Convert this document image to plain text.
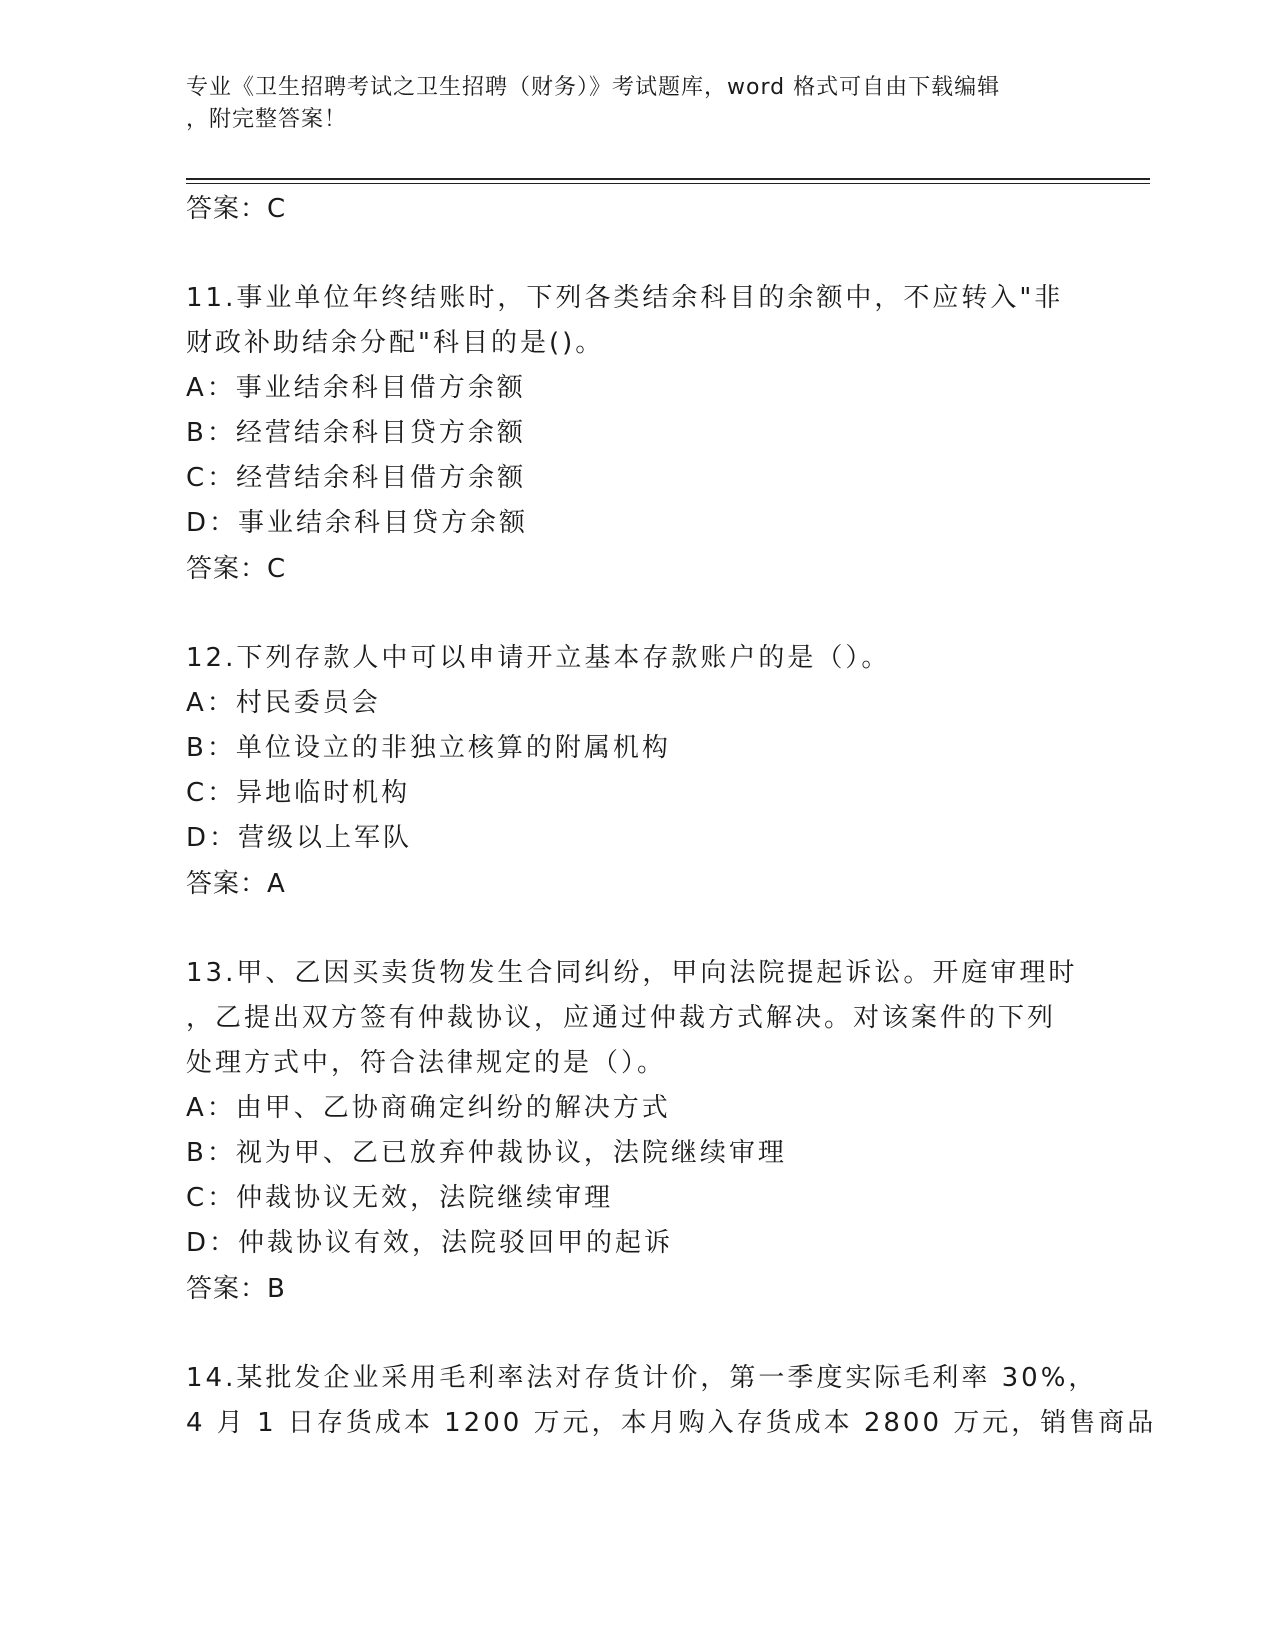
专业《卫生招聘考试之卫生招聘（财务）》考试题库，word 格式可自由下载编辑
，附完整答案！
答案：C
11.事业单位年终结账时，下列各类结余科目的余额中，不应转入"非
财政补助结余分配"科目的是()。
A：事业结余科目借方余额
B：经营结余科目贷方余额
C：经营结余科目借方余额
D：事业结余科目贷方余额
答案：C
12.下列存款人中可以申请开立基本存款账户的是（）。
A：村民委员会
B：单位设立的非独立核算的附属机构
C：异地临时机构
D：营级以上军队
答案：A
13.甲、乙因买卖货物发生合同纠纷，甲向法院提起诉讼。开庭审理时
，乙提出双方签有仲裁协议，应通过仲裁方式解决。对该案件的下列
处理方式中，符合法律规定的是（）。
A：由甲、乙协商确定纠纷的解决方式
B：视为甲、乙已放弃仲裁协议，法院继续审理
C：仲裁协议无效，法院继续审理
D：仲裁协议有效，法院驳回甲的起诉
答案：B
14.某批发企业采用毛利率法对存货计价，第一季度实际毛利率 30%，
4 月 1 日存货成本 1200 万元，本月购入存货成本 2800 万元，销售商品
